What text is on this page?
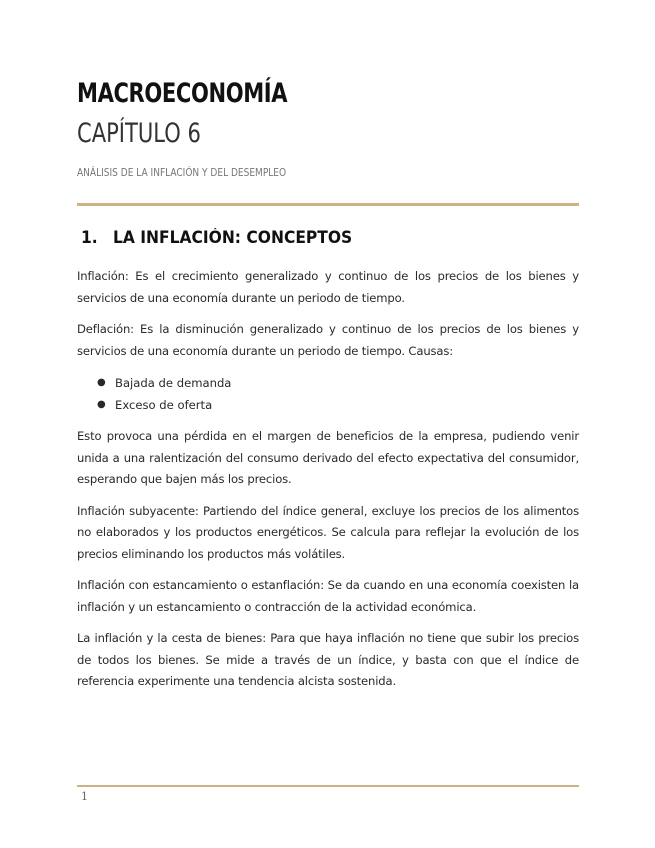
MACROECONOMÍA
CAPÍTULO 6
ANÁLISIS DE LA INFLACIÓN Y DEL DESEMPLEO
1. LA INFLACIÓN: CONCEPTOS

Inflación: Es el crecimiento generalizado y continuo de los precios de los bienes y servicios de una economía durante un periodo de tiempo.

Deflación: Es la disminución generalizado y continuo de los precios de los bienes y servicios de una economía durante un periodo de tiempo. Causas:

● Bajada de demanda
● Exceso de oferta

Esto provoca una pérdida en el margen de beneficios de la empresa, pudiendo venir unida a una ralentización del consumo derivado del efecto expectativa del consumidor, esperando que bajen más los precios.

Inflación subyacente: Partiendo del índice general, excluye los precios de los alimentos no elaborados y los productos energéticos. Se calcula para reflejar la evolución de los precios eliminando los productos más volátiles.

Inflación con estancamiento o estanflación: Se da cuando en una economía coexisten la inflación y un estancamiento o contracción de la actividad económica.

La inflación y la cesta de bienes: Para que haya inflación no tiene que subir los precios de todos los bienes. Se mide a través de un índice, y basta con que el índice de referencia experimente una tendencia alcista sostenida.

1
